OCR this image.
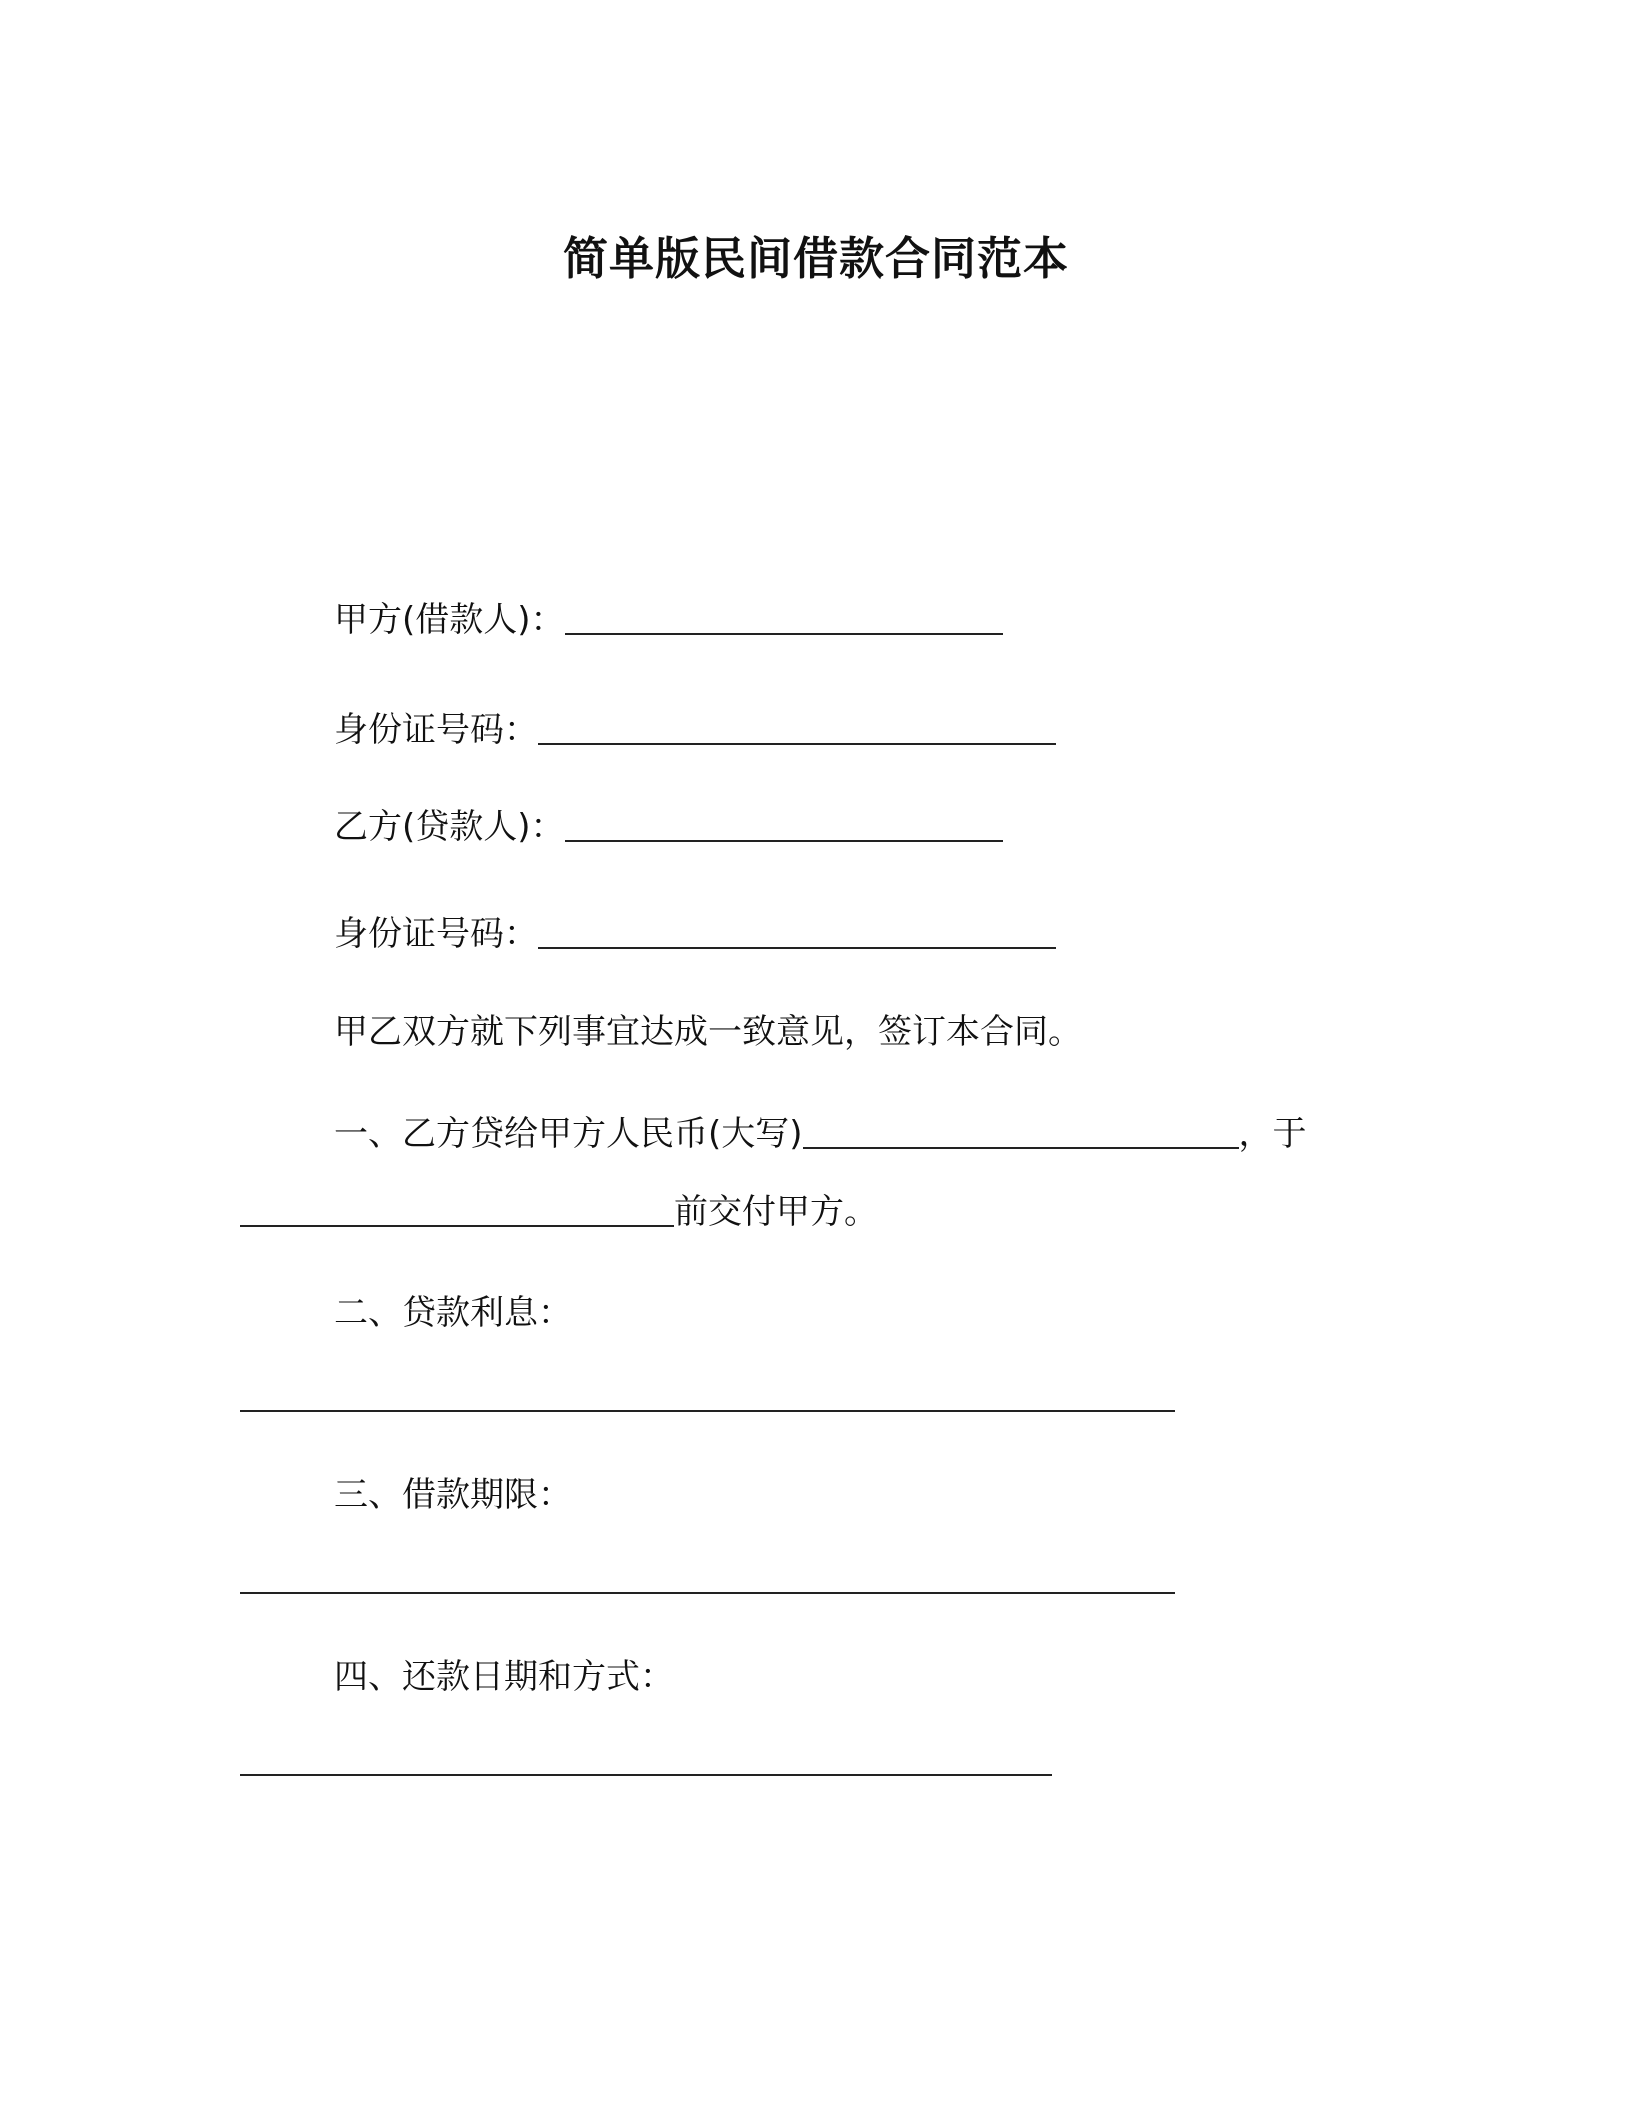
简单版民间借款合同范本
甲方(借款人)：
身份证号码：
乙方(贷款人)：
身份证号码：
甲乙双方就下列事宜达成一致意见，签订本合同。
一、乙方贷给甲方人民币(大写)	，于
前交付甲方。
二、贷款利息：
三、借款期限：
四、还款日期和方式：
